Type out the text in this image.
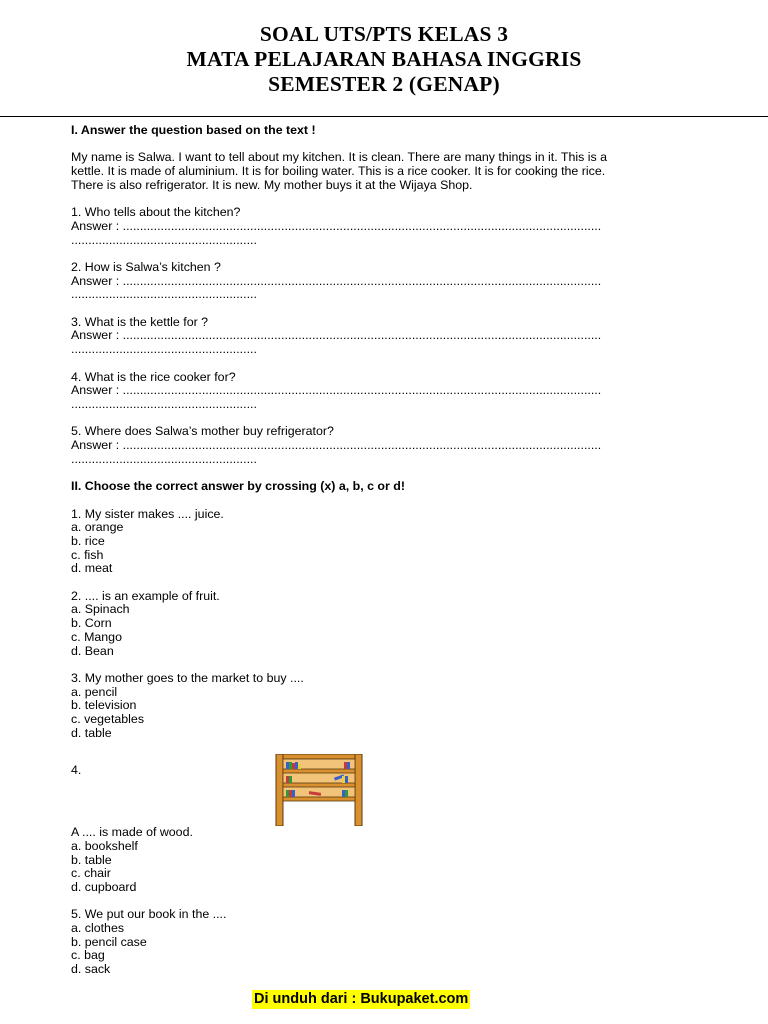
SOAL UTS/PTS KELAS 3
MATA PELAJARAN BAHASA INGGRIS
SEMESTER 2 (GENAP)

I. Answer the question based on the text !

My name is Salwa. I want to tell about my kitchen. It is clean. There are many things in it. This is a
kettle. It is made of aluminium. It is for boiling water. This is a rice cooker. It is for cooking the rice.
There is also refrigerator. It is new. My mother buys it at the Wijaya Shop.
1. Who tells about the kitchen?
Answer : ...........................................................................................................................................
......................................................
2. How is Salwa’s kitchen ?
Answer : ...........................................................................................................................................
......................................................
3. What is the kettle for ?
Answer : ...........................................................................................................................................
......................................................
4. What is the rice cooker for?
Answer : ...........................................................................................................................................
......................................................
5. Where does Salwa’s mother buy refrigerator?
Answer : ...........................................................................................................................................
......................................................

II. Choose the correct answer by crossing (x) a, b, c or d!

1. My sister makes .... juice.
a. orange
b. rice
c. fish
d. meat
2. .... is an example of fruit.
a. Spinach
b. Corn
c. Mango
d. Bean
3. My mother goes to the market to buy ....
a. pencil
b. television
c. vegetables
d. table
4.
A .... is made of wood.
a. bookshelf
b. table
c. chair
d. cupboard
5. We put our book in the ....
a. clothes
b. pencil case
c. bag
d. sack
Di unduh dari : Bukupaket.com
